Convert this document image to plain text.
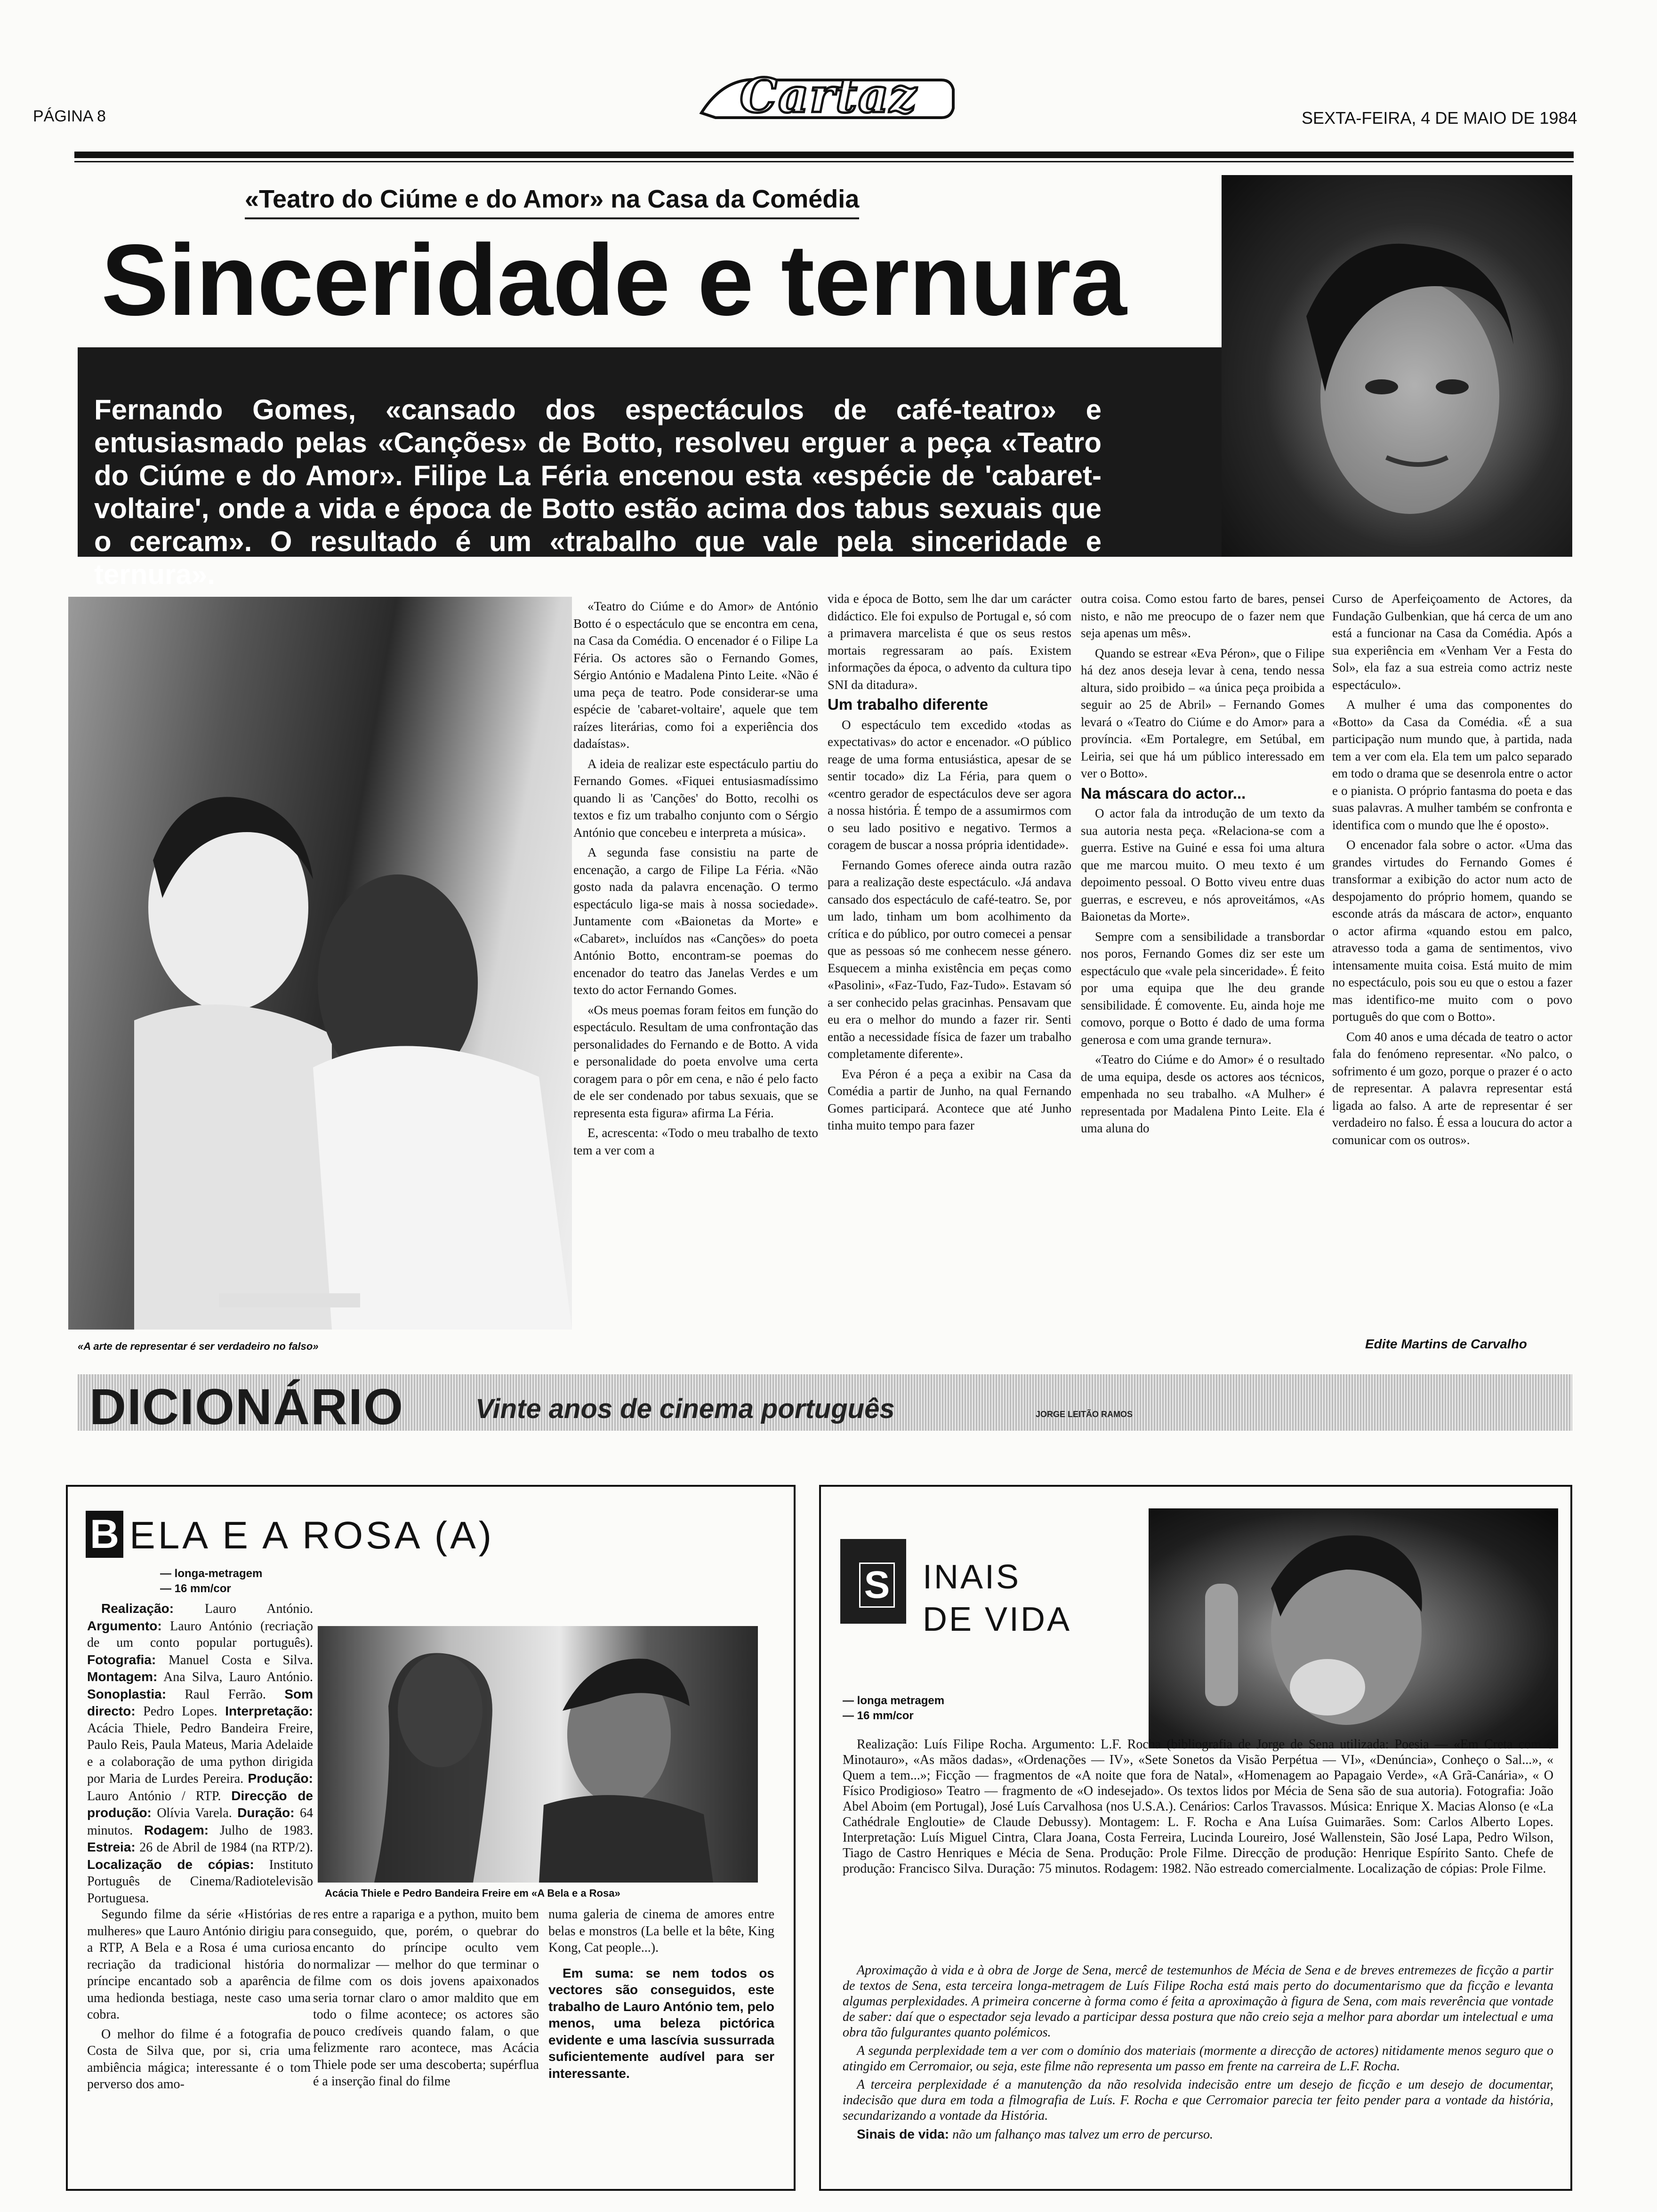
PÁGINA 8	Cartaz	SEXTA-FEIRA, 4 DE MAIO DE 1984
«Teatro do Ciúme e do Amor» na Casa da Comédia
Sinceridade e ternura

Fernando Gomes, «cansado dos espectáculos de café-teatro» e entusiasmado pelas «Canções» de Botto, resolveu erguer a peça «Teatro do Ciúme e do Amor». Filipe La Féria encenou esta «espécie de 'cabaret-voltaire', onde a vida e época de Botto estão acima dos tabus sexuais que o cercam». O resultado é um «trabalho que vale pela sinceridade e ternura».

«A arte de representar é ser verdadeiro no falso»

«Teatro do Ciúme e do Amor» de António Botto é o espectáculo que se encontra em cena, na Casa da Comédia. O encenador é o Filipe La Féria. Os actores são o Fernando Gomes, Sérgio António e Madalena Pinto Leite. «Não é uma peça de teatro. Pode considerar-se uma espécie de 'cabaret-voltaire', aquele que tem raízes literárias, como foi a experiência dos dadaístas».

A ideia de realizar este espectáculo partiu do Fernando Gomes. «Fiquei entusiasmadíssimo quando li as 'Canções' do Botto, recolhi os textos e fiz um trabalho conjunto com o Sérgio António que concebeu e interpreta a música».

A segunda fase consistiu na parte de encenação, a cargo de Filipe La Féria. «Não gosto nada da palavra encenação. O termo espectáculo liga-se mais à nossa sociedade». Juntamente com «Baionetas da Morte» e «Cabaret», incluídos nas «Canções» do poeta António Botto, encontram-se poemas do encenador do teatro das Janelas Verdes e um texto do actor Fernando Gomes.

«Os meus poemas foram feitos em função do espectáculo. Resultam de uma confrontação das personalidades do Fernando e de Botto. A vida e personalidade do poeta envolve uma certa coragem para o pôr em cena, e não é pelo facto de ele ser condenado por tabus sexuais, que se representa esta figura» afirma La Féria.

E, acrescenta: «Todo o meu trabalho de texto tem a ver com a

vida e época de Botto, sem lhe dar um carácter didáctico. Ele foi expulso de Portugal e, só com a primavera marcelista é que os seus restos mortais regressaram ao país. Existem informações da época, o advento da cultura tipo SNI da ditadura».

Um trabalho diferente

O espectáculo tem excedido «todas as expectativas» do actor e encenador. «O público reage de uma forma entusiástica, apesar de se sentir tocado» diz La Féria, para quem o «centro gerador de espectáculos deve ser agora a nossa história. É tempo de a assumirmos com o seu lado positivo e negativo. Termos a coragem de buscar a nossa própria identidade».

Fernando Gomes oferece ainda outra razão para a realização deste espectáculo. «Já andava cansado dos espectáculo de café-teatro. Se, por um lado, tinham um bom acolhimento da crítica e do público, por outro comecei a pensar que as pessoas só me conhecem nesse género. Esquecem a minha existência em peças como «Pasolini», «Faz-Tudo, Faz-Tudo». Estavam só a ser conhecido pelas gracinhas. Pensavam que eu era o melhor do mundo a fazer rir. Senti então a necessidade física de fazer um trabalho completamente diferente».

Eva Péron é a peça a exibir na Casa da Comédia a partir de Junho, na qual Fernando Gomes participará. Acontece que até Junho tinha muito tempo para fazer

outra coisa. Como estou farto de bares, pensei nisto, e não me preocupo de o fazer nem que seja apenas um mês».

Quando se estrear «Eva Péron», que o Filipe há dez anos deseja levar à cena, tendo nessa altura, sido proibido – «a única peça proibida a seguir ao 25 de Abril» – Fernando Gomes levará o «Teatro do Ciúme e do Amor» para a província. «Em Portalegre, em Setúbal, em Leiria, sei que há um público interessado em ver o Botto».

Na máscara do actor...

O actor fala da introdução de um texto da sua autoria nesta peça. «Relaciona-se com a guerra. Estive na Guiné e essa foi uma altura que me marcou muito. O meu texto é um depoimento pessoal. O Botto viveu entre duas guerras, e escreveu, e nós aproveitámos, «As Baionetas da Morte».

Sempre com a sensibilidade a transbordar nos poros, Fernando Gomes diz ser este um espectáculo que «vale pela sinceridade». É feito por uma equipa que lhe deu grande sensibilidade. É comovente. Eu, ainda hoje me comovo, porque o Botto é dado de uma forma generosa e com uma grande ternura».

«Teatro do Ciúme e do Amor» é o resultado de uma equipa, desde os actores aos técnicos, empenhada no seu trabalho. «A Mulher» é representada por Madalena Pinto Leite. Ela é uma aluna do

Curso de Aperfeiçoamento de Actores, da Fundação Gulbenkian, que há cerca de um ano está a funcionar na Casa da Comédia. Após a sua experiência em «Venham Ver a Festa do Sol», ela faz a sua estreia como actriz neste espectáculo».

A mulher é uma das componentes do «Botto» da Casa da Comédia. «É a sua participação num mundo que, à partida, nada tem a ver com ela. Ela tem um palco separado em todo o drama que se desenrola entre o actor e o pianista. O próprio fantasma do poeta e das suas palavras. A mulher também se confronta e identifica com o mundo que lhe é oposto».

O encenador fala sobre o actor. «Uma das grandes virtudes do Fernando Gomes é transformar a exibição do actor num acto de despojamento do próprio homem, quando se esconde atrás da máscara de actor», enquanto o actor afirma «quando estou em palco, atravesso toda a gama de sentimentos, vivo intensamente muita coisa. Está muito de mim no espectáculo, pois sou eu que o estou a fazer mas identifico-me muito com o povo português do que com o Botto».

Com 40 anos e uma década de teatro o actor fala do fenómeno representar. «No palco, o sofrimento é um gozo, porque o prazer é o acto de representar. A palavra representar está ligada ao falso. A arte de representar é ser verdadeiro no falso. É essa a loucura do actor a comunicar com os outros».

Edite Martins de Carvalho
DICIONÁRIO	Vinte anos de cinema português	JORGE LEITÃO RAMOS
B ELA E A ROSA (A)
— longa-metragem
— 16 mm/cor
Realização: Lauro António. Argumento: Lauro António (recriação de um conto popular português). Fotografia: Manuel Costa e Silva. Montagem: Ana Silva, Lauro António. Sonoplastia: Raul Ferrão. Som directo: Pedro Lopes. Interpretação: Acácia Thiele, Pedro Bandeira Freire, Paulo Reis, Paula Mateus, Maria Adelaide e a colaboração de uma python dirigida por Maria de Lurdes Pereira. Produção: Lauro António / RTP. Direcção de produção: Olívia Varela. Duração: 64 minutos. Rodagem: Julho de 1983. Estreia: 26 de Abril de 1984 (na RTP/2). Localização de cópias: Instituto Português de Cinema/Radiotelevisão Portuguesa.	Acácia Thiele e Pedro Bandeira Freire em «A Bela e a Rosa»

Segundo filme da série «Histórias de mulheres» que Lauro António dirigiu para a RTP, A Bela e a Rosa é uma curiosa recriação da tradicional história do príncipe encantado sob a aparência de uma hedionda bestiaga, neste caso uma cobra.

O melhor do filme é a fotografia de Costa de Silva que, por si, cria uma ambiência mágica; interessante é o tom perverso dos amo-

res entre a rapariga e a python, muito bem conseguido, que, porém, o quebrar do encanto do príncipe oculto vem normalizar — melhor do que terminar o filme com os dois jovens apaixonados seria tornar claro o amor maldito que em todo o filme acontece; os actores são pouco credíveis quando falam, o que felizmente raro acontece, mas Acácia Thiele pode ser uma descoberta; supérflua é a inserção final do filme

numa galeria de cinema de amores entre belas e monstros (La belle et la bête, King Kong, Cat people...).

Em suma: se nem todos os vectores são conseguidos, este trabalho de Lauro António tem, pelo menos, uma beleza pictórica evidente e uma lascívia sussurrada suficientemente audível para ser interessante.

S INAIS
DE VIDA
— longa metragem
— 16 mm/cor

Realização: Luís Filipe Rocha. Argumento: L.F. Rocha (bibliografia de Jorge de Sena utilizada: Poesia — «Em Creta com o Minotauro», «As mãos dadas», «Ordenações — IV», «Sete Sonetos da Visão Perpétua — VI», «Denúncia», Conheço o Sal...», « Quem a tem...»; Ficção — fragmentos de «A noite que fora de Natal», «Homenagem ao Papagaio Verde», «A Grã-Canária», « O Físico Prodigioso» Teatro — fragmento de «O indesejado». Os textos lidos por Mécia de Sena são de sua autoria). Fotografia: João Abel Aboim (em Portugal), José Luís Carvalhosa (nos U.S.A.). Cenários: Carlos Travassos. Música: Enrique X. Macias Alonso (e «La Cathédrale Engloutie» de Claude Debussy). Montagem: L. F. Rocha e Ana Luísa Guimarães. Som: Carlos Alberto Lopes. Interpretação: Luís Miguel Cintra, Clara Joana, Costa Ferreira, Lucinda Loureiro, José Wallenstein, São José Lapa, Pedro Wilson, Tiago de Castro Henriques e Mécia de Sena. Produção: Prole Filme. Direcção de produção: Henrique Espírito Santo. Chefe de produção: Francisco Silva. Duração: 75 minutos. Rodagem: 1982. Não estreado comercialmente. Localização de cópias: Prole Filme.

Aproximação à vida e à obra de Jorge de Sena, mercê de testemunhos de Mécia de Sena e de breves entremezes de ficção a partir de textos de Sena, esta terceira longa-metragem de Luís Filipe Rocha está mais perto do documentarismo que da ficção e levanta algumas perplexidades. A primeira concerne à forma como é feita a aproximação à figura de Sena, com mais reverência que vontade de saber: daí que o espectador seja levado a participar dessa postura que não creio seja a melhor para abordar um intelectual e uma obra tão fulgurantes quanto polémicos.

A segunda perplexidade tem a ver com o domínio dos materiais (mormente a direcção de actores) nitidamente menos seguro que o atingido em Cerromaior, ou seja, este filme não representa um passo em frente na carreira de L.F. Rocha.

A terceira perplexidade é a manutenção da não resolvida indecisão entre um desejo de ficção e um desejo de documentar, indecisão que dura em toda a filmografia de Luís. F. Rocha e que Cerromaior parecia ter feito pender para a vontade da história, secundarizando a vontade da História.

Sinais de vida: não um falhanço mas talvez um erro de percurso.
